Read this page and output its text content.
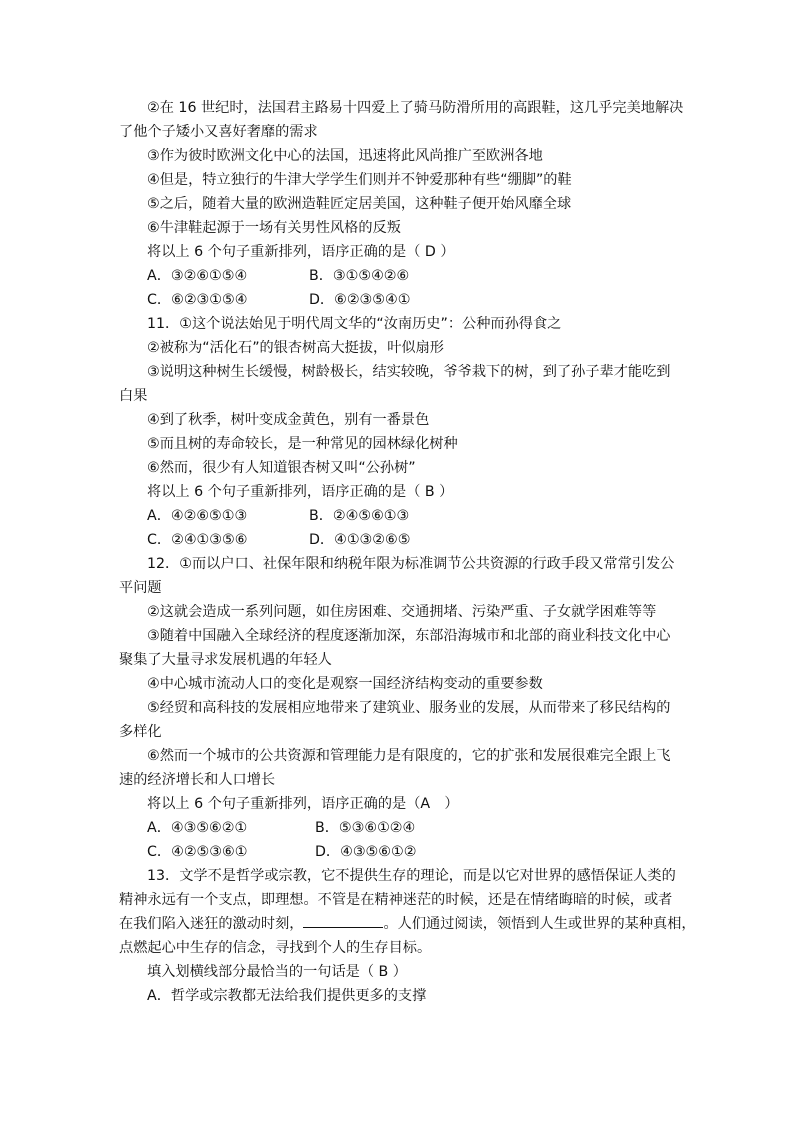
②在 16 世纪时，法国君主路易十四爱上了骑马防滑所用的高跟鞋，这几乎完美地解决
了他个子矮小又喜好奢靡的需求
③作为彼时欧洲文化中心的法国，迅速将此风尚推广至欧洲各地
④但是，特立独行的牛津大学学生们则并不钟爱那种有些“绷脚”的鞋
⑤之后，随着大量的欧洲造鞋匠定居美国，这种鞋子便开始风靡全球
⑥牛津鞋起源于一场有关男性风格的反叛
将以上 6 个句子重新排列，语序正确的是（ D ）
A．③②⑥①⑤④	B．③①⑤④②⑥
C．⑥②③①⑤④	D．⑥②③⑤④①
11．①这个说法始见于明代周文华的“汝南历史”：公种而孙得食之
②被称为“活化石”的银杏树高大挺拔，叶似扇形
③说明这种树生长缓慢，树龄极长，结实较晚，爷爷栽下的树，到了孙子辈才能吃到
白果
④到了秋季，树叶变成金黄色，别有一番景色
⑤而且树的寿命较长，是一种常见的园林绿化树种
⑥然而，很少有人知道银杏树又叫“公孙树”
将以上 6 个句子重新排列，语序正确的是（ B ）
A．④②⑥⑤①③	B．②④⑤⑥①③
C．②④①③⑤⑥	D．④①③②⑥⑤
12．①而以户口、社保年限和纳税年限为标准调节公共资源的行政手段又常常引发公
平问题
②这就会造成一系列问题，如住房困难、交通拥堵、污染严重、子女就学困难等等
③随着中国融入全球经济的程度逐渐加深，东部沿海城市和北部的商业科技文化中心
聚集了大量寻求发展机遇的年轻人
④中心城市流动人口的变化是观察一国经济结构变动的重要参数
⑤经贸和高科技的发展相应地带来了建筑业、服务业的发展，从而带来了移民结构的
多样化
⑥然而一个城市的公共资源和管理能力是有限度的，它的扩张和发展很难完全跟上飞
速的经济增长和人口增长
将以上 6 个句子重新排列，语序正确的是（A　）
A．④③⑤⑥②①	B．⑤③⑥①②④
C．④②⑤③⑥①	D．④③⑤⑥①②
13．文学不是哲学或宗教，它不提供生存的理论，而是以它对世界的感悟保证人类的
精神永远有一个支点，即理想。不管是在精神迷茫的时候，还是在情绪晦暗的时候，或者
在我们陷入迷狂的激动时刻，	。人们通过阅读，领悟到人生或世界的某种真相，
点燃起心中生存的信念，寻找到个人的生存目标。
填入划横线部分最恰当的一句话是（ B ）
A．哲学或宗教都无法给我们提供更多的支撑
